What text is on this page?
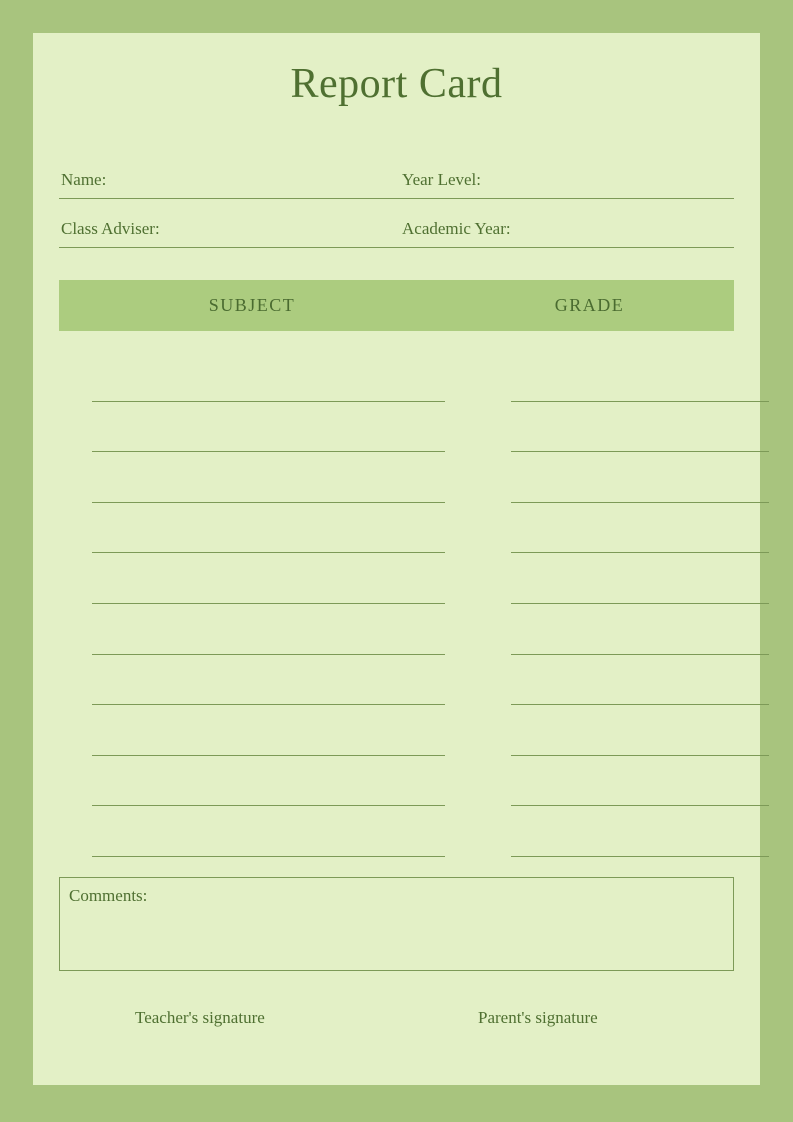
Report Card
Name:	Year Level:
Class Adviser:	Academic Year:
SUBJECT	GRADE
Comments:
Teacher's signature	Parent's signature
